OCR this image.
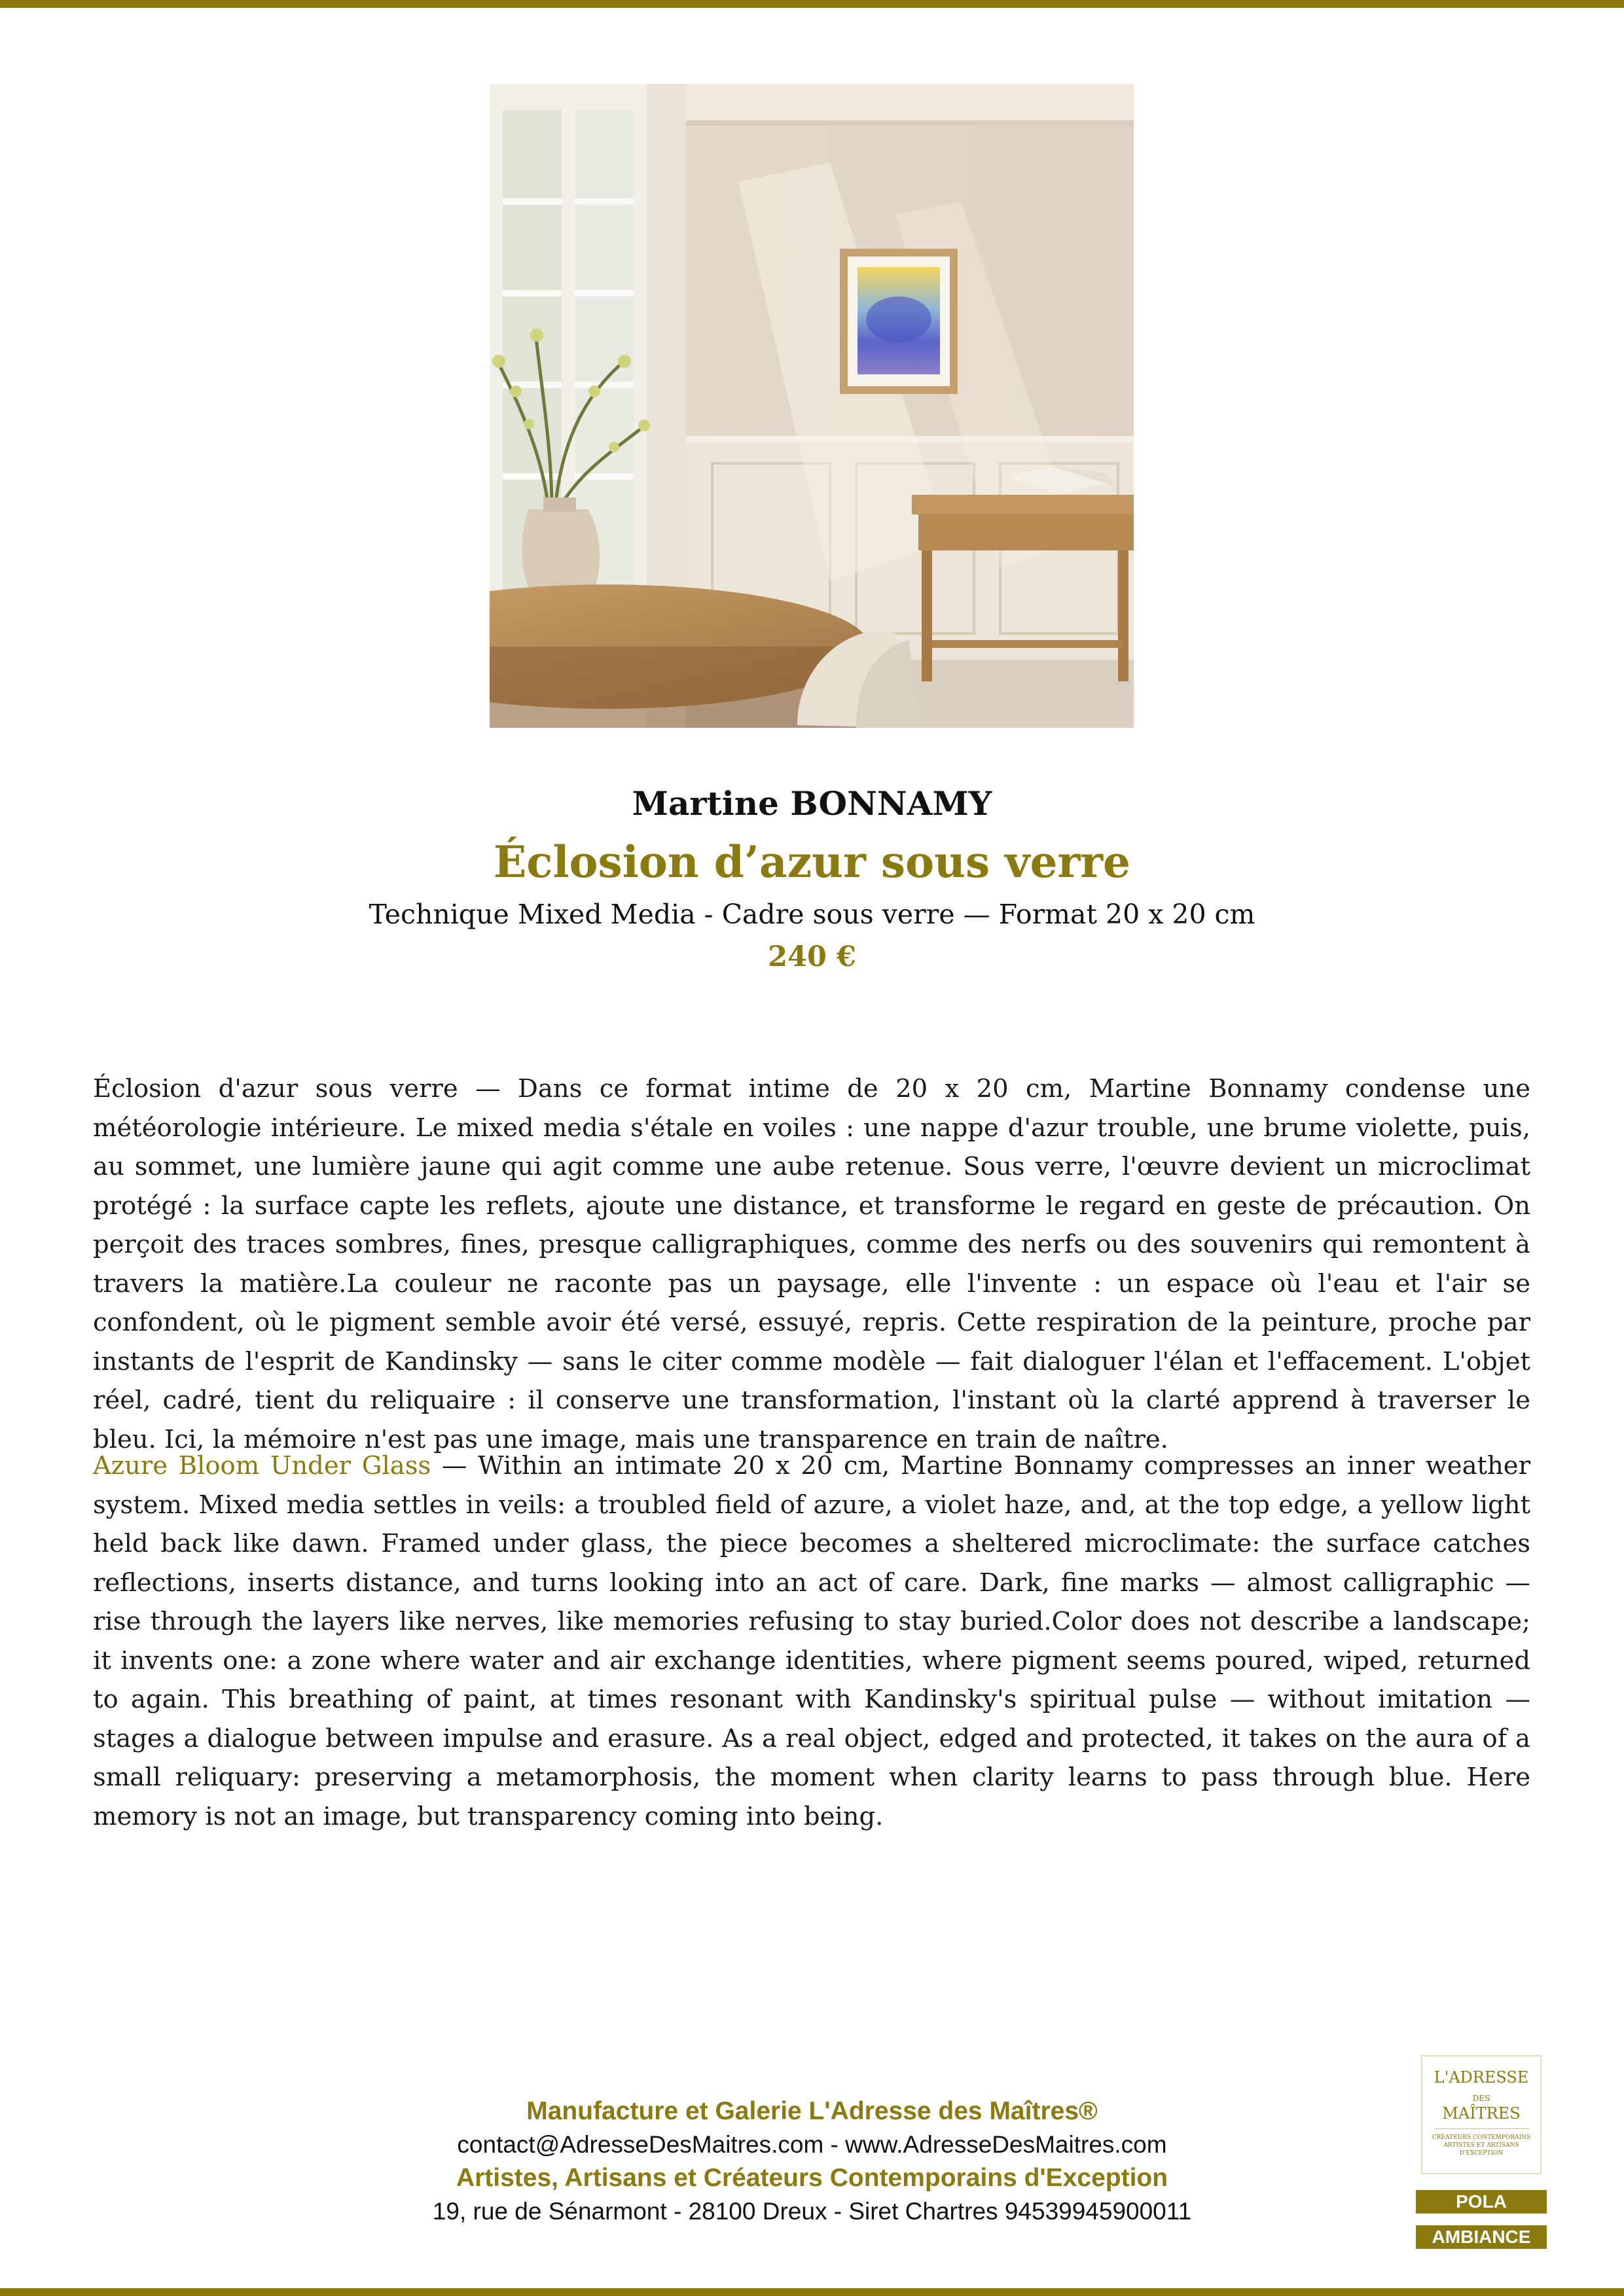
Martine BONNAMY
Éclosion d’azur sous verre
Technique Mixed Media - Cadre sous verre — Format 20 x 20 cm
240 €
Éclosion d'azur sous verre — Dans ce format intime de 20 x 20 cm, Martine Bonnamy condense une météorologie intérieure. Le mixed media s'étale en voiles : une nappe d'azur trouble, une brume violette, puis, au sommet, une lumière jaune qui agit comme une aube retenue. Sous verre, l'œuvre devient un microclimat protégé : la surface capte les reflets, ajoute une distance, et transforme le regard en geste de précaution. On perçoit des traces sombres, fines, presque calligraphiques, comme des nerfs ou des souvenirs qui remontent à travers la matière.La couleur ne raconte pas un paysage, elle l'invente : un espace où l'eau et l'air se confondent, où le pigment semble avoir été versé, essuyé, repris. Cette respiration de la peinture, proche par instants de l'esprit de Kandinsky — sans le citer comme modèle — fait dialoguer l'élan et l'effacement. L'objet réel, cadré, tient du reliquaire : il conserve une transformation, l'instant où la clarté apprend à traverser le bleu. Ici, la mémoire n'est pas une image, mais une transparence en train de naître.
Azure Bloom Under Glass — Within an intimate 20 x 20 cm, Martine Bonnamy compresses an inner weather system. Mixed media settles in veils: a troubled field of azure, a violet haze, and, at the top edge, a yellow light held back like dawn. Framed under glass, the piece becomes a sheltered microclimate: the surface catches reflections, inserts distance, and turns looking into an act of care. Dark, fine marks — almost calligraphic — rise through the layers like nerves, like memories refusing to stay buried.Color does not describe a landscape; it invents one: a zone where water and air exchange identities, where pigment seems poured, wiped, returned to again. This breathing of paint, at times resonant with Kandinsky's spiritual pulse — without imitation — stages a dialogue between impulse and erasure. As a real object, edged and protected, it takes on the aura of a small reliquary: preserving a metamorphosis, the moment when clarity learns to pass through blue. Here memory is not an image, but transparency coming into being.
Manufacture et Galerie L'Adresse des Maîtres®
contact@AdresseDesMaitres.com - www.AdresseDesMaitres.com
Artistes, Artisans et Créateurs Contemporains d'Exception
19, rue de Sénarmont - 28100 Dreux - Siret Chartres 94539945900011
L'ADRESSE
DES
MAÎTRES
CRÉATEURS CONTEMPORAINS ARTISTES ET ARTISANS D'EXCEPTION
POLA
AMBIANCE
